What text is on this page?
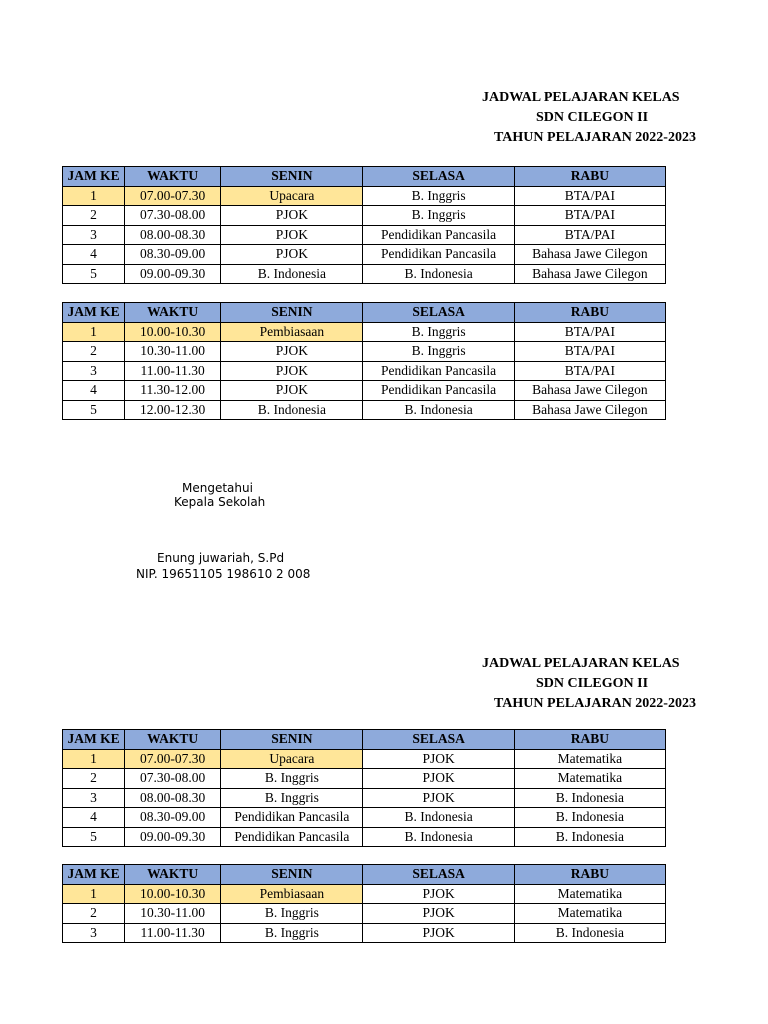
JADWAL PELAJARAN KELAS
SDN CILEGON II
TAHUN PELAJARAN 2022-2023
JAM KE	WAKTU	SENIN	SELASA	RABU
1	07.00-07.30	Upacara	B. Inggris	BTA/PAI
2	07.30-08.00	PJOK	B. Inggris	BTA/PAI
3	08.00-08.30	PJOK	Pendidikan Pancasila	BTA/PAI
4	08.30-09.00	PJOK	Pendidikan Pancasila	Bahasa Jawe Cilegon
5	09.00-09.30	B. Indonesia	B. Indonesia	Bahasa Jawe Cilegon
JAM KE	WAKTU	SENIN	SELASA	RABU
1	10.00-10.30	Pembiasaan	B. Inggris	BTA/PAI
2	10.30-11.00	PJOK	B. Inggris	BTA/PAI
3	11.00-11.30	PJOK	Pendidikan Pancasila	BTA/PAI
4	11.30-12.00	PJOK	Pendidikan Pancasila	Bahasa Jawe Cilegon
5	12.00-12.30	B. Indonesia	B. Indonesia	Bahasa Jawe Cilegon
Mengetahui
Kepala Sekolah
Enung juwariah, S.Pd
NIP. 19651105 198610 2 008
JADWAL PELAJARAN KELAS
SDN CILEGON II
TAHUN PELAJARAN 2022-2023
JAM KE	WAKTU	SENIN	SELASA	RABU
1	07.00-07.30	Upacara	PJOK	Matematika
2	07.30-08.00	B. Inggris	PJOK	Matematika
3	08.00-08.30	B. Inggris	PJOK	B. Indonesia
4	08.30-09.00	Pendidikan Pancasila	B. Indonesia	B. Indonesia
5	09.00-09.30	Pendidikan Pancasila	B. Indonesia	B. Indonesia
JAM KE	WAKTU	SENIN	SELASA	RABU
1	10.00-10.30	Pembiasaan	PJOK	Matematika
2	10.30-11.00	B. Inggris	PJOK	Matematika
3	11.00-11.30	B. Inggris	PJOK	B. Indonesia
